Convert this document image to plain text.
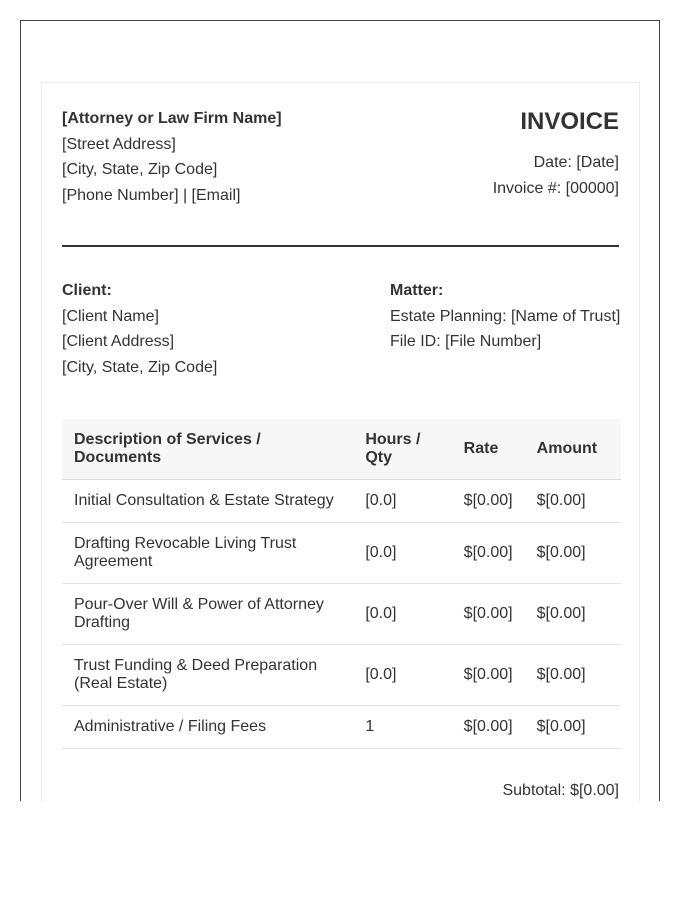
[Attorney or Law Firm Name]
[Street Address]
[City, State, Zip Code]
[Phone Number] | [Email]
INVOICE
Date: [Date]
Invoice #: [00000]
Client:
[Client Name]
[Client Address]
[City, State, Zip Code]
Matter:
Estate Planning: [Name of Trust]
File ID: [File Number]
Description of Services / Documents	Hours / Qty	Rate	Amount
Initial Consultation & Estate Strategy	[0.0]	$[0.00]	$[0.00]
Drafting Revocable Living Trust Agreement	[0.0]	$[0.00]	$[0.00]
Pour-Over Will & Power of Attorney Drafting	[0.0]	$[0.00]	$[0.00]
Trust Funding & Deed Preparation (Real Estate)	[0.0]	$[0.00]	$[0.00]
Administrative / Filing Fees	1	$[0.00]	$[0.00]
Subtotal: $[0.00]
